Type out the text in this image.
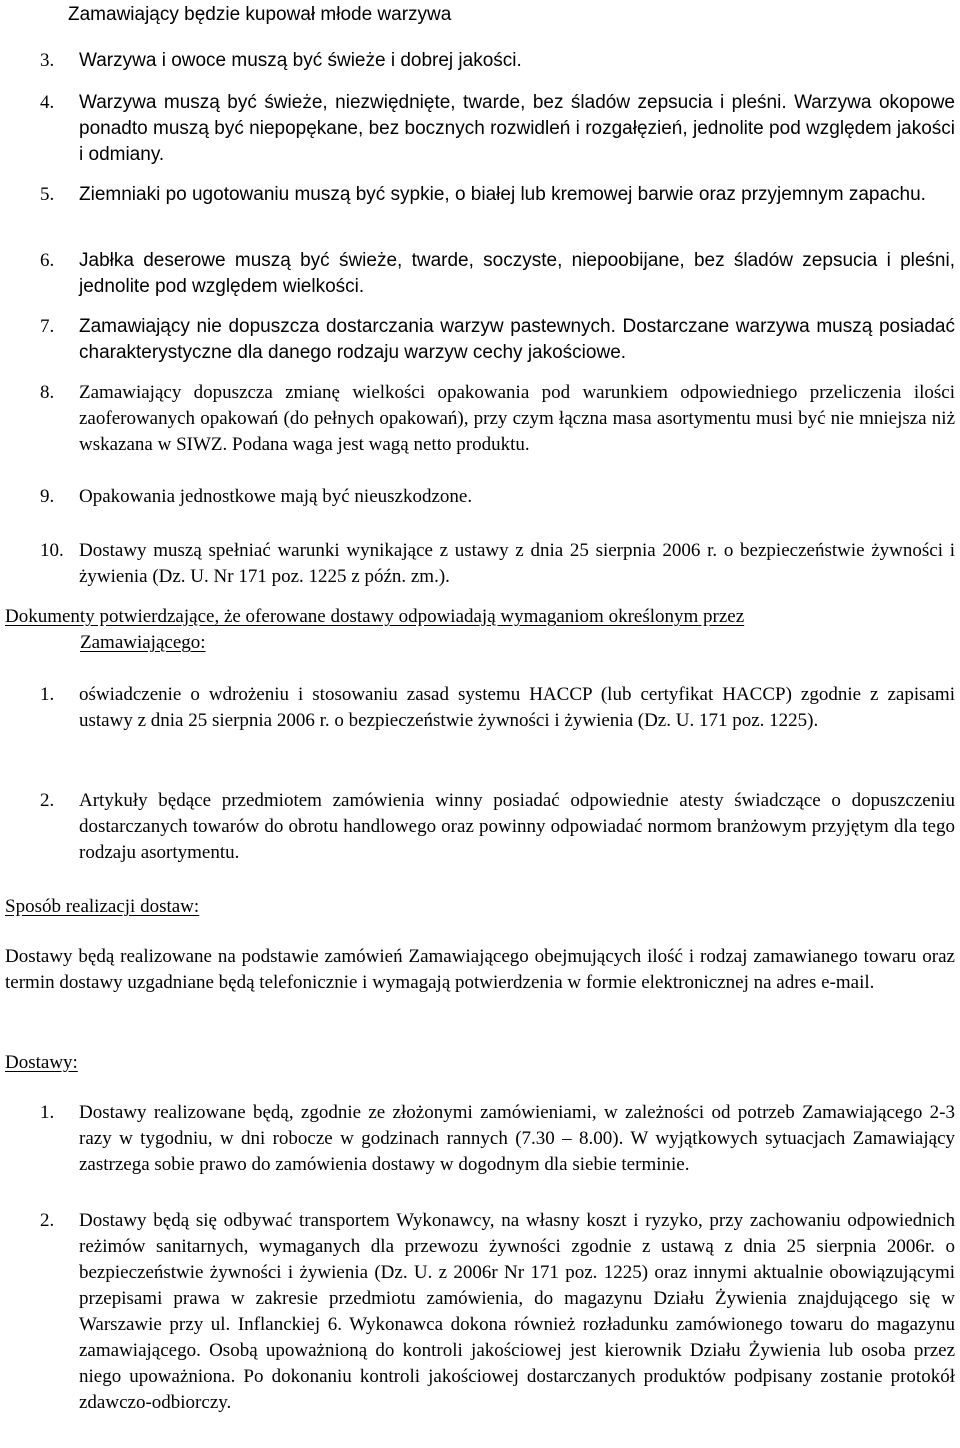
Zamawiający będzie kupował młode warzywa
3.	Warzywa i owoce muszą być świeże i dobrej jakości.
4.	Warzywa muszą być świeże, niezwiędnięte, twarde, bez śladów zepsucia i pleśni. Warzywa okopowe ponadto muszą być niepopękane, bez bocznych rozwidleń i rozgałęzień, jednolite pod względem jakości i odmiany.
5.	Ziemniaki po ugotowaniu muszą być sypkie, o białej lub kremowej barwie oraz przyjemnym zapachu.
6.	Jabłka deserowe muszą być świeże, twarde, soczyste, niepoobijane, bez śladów zepsucia i pleśni, jednolite pod względem wielkości.
7.	Zamawiający nie dopuszcza dostarczania warzyw pastewnych. Dostarczane warzywa muszą posiadać charakterystyczne dla danego rodzaju warzyw cechy jakościowe.
8.	Zamawiający dopuszcza zmianę wielkości opakowania pod warunkiem odpowiedniego przeliczenia ilości zaoferowanych opakowań (do pełnych opakowań), przy czym łączna masa asortymentu musi być nie mniejsza niż wskazana w SIWZ. Podana waga jest wagą netto produktu.
9.	Opakowania jednostkowe mają być nieuszkodzone.
10. Dostawy muszą spełniać warunki wynikające z ustawy z dnia 25 sierpnia 2006 r. o bezpieczeństwie żywności i żywienia (Dz. U. Nr 171 poz. 1225 z późn. zm.).
Dokumenty potwierdzające, że oferowane dostawy odpowiadają wymaganiom określonym przez
Zamawiającego:
1.	oświadczenie o wdrożeniu i stosowaniu zasad systemu HACCP (lub certyfikat HACCP) zgodnie z zapisami ustawy z dnia 25 sierpnia 2006 r. o bezpieczeństwie żywności i żywienia (Dz. U. 171 poz. 1225).
2.	Artykuły będące przedmiotem zamówienia winny posiadać odpowiednie atesty świadczące o dopuszczeniu dostarczanych towarów do obrotu handlowego oraz powinny odpowiadać normom branżowym przyjętym dla tego rodzaju asortymentu.
Sposób realizacji dostaw:
Dostawy będą realizowane na podstawie zamówień Zamawiającego obejmujących ilość i rodzaj zamawianego towaru oraz termin dostawy uzgadniane będą telefonicznie i wymagają potwierdzenia w formie elektronicznej na adres e-mail.
Dostawy:
1.	Dostawy realizowane będą, zgodnie ze złożonymi zamówieniami, w zależności od potrzeb Zamawiającego 2-3 razy w tygodniu, w dni robocze w godzinach rannych (7.30 – 8.00). W wyjątkowych sytuacjach Zamawiający zastrzega sobie prawo do zamówienia dostawy w dogodnym dla siebie terminie.
2.	Dostawy będą się odbywać transportem Wykonawcy, na własny koszt i ryzyko, przy zachowaniu odpowiednich reżimów sanitarnych, wymaganych dla przewozu żywności zgodnie z ustawą z dnia 25 sierpnia 2006r. o bezpieczeństwie żywności i żywienia (Dz. U. z 2006r Nr 171 poz. 1225) oraz innymi aktualnie obowiązującymi przepisami prawa w zakresie przedmiotu zamówienia, do magazynu Działu Żywienia znajdującego się w Warszawie przy ul. Inflanckiej 6. Wykonawca dokona również rozładunku zamówionego towaru do magazynu zamawiającego. Osobą upoważnioną do kontroli jakościowej jest kierownik Działu Żywienia lub osoba przez niego upoważniona. Po dokonaniu kontroli jakościowej dostarczanych produktów podpisany zostanie protokół zdawczo-odbiorczy.
